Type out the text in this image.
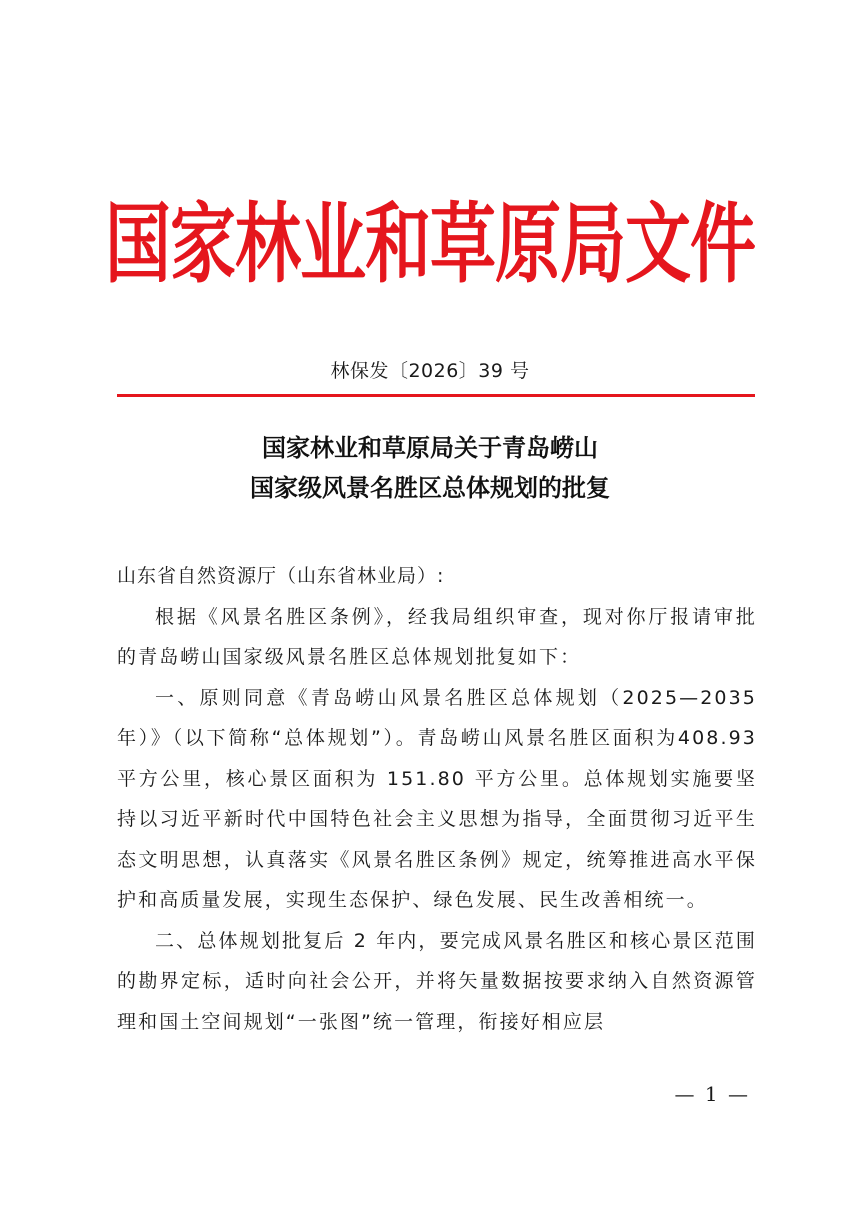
国家林业和草原局文件
林保发〔2026〕39 号
国家林业和草原局关于青岛崂山
国家级风景名胜区总体规划的批复

山东省自然资源厅（山东省林业局）:

根据《风景名胜区条例》，经我局组织审查，现对你厅报请审批的青岛崂山国家级风景名胜区总体规划批复如下：

一、原则同意《青岛崂山风景名胜区总体规划（2025—2035年）》（以下简称“总体规划”）。青岛崂山风景名胜区面积为408.93 平方公里，核心景区面积为 151.80 平方公里。总体规划实施要坚持以习近平新时代中国特色社会主义思想为指导，全面贯彻习近平生态文明思想，认真落实《风景名胜区条例》规定，统筹推进高水平保护和高质量发展，实现生态保护、绿色发展、民生改善相统一。

二、总体规划批复后 2 年内，要完成风景名胜区和核心景区范围的勘界定标，适时向社会公开，并将矢量数据按要求纳入自然资源管理和国土空间规划“一张图”统一管理，衔接好相应层

— 1 —
